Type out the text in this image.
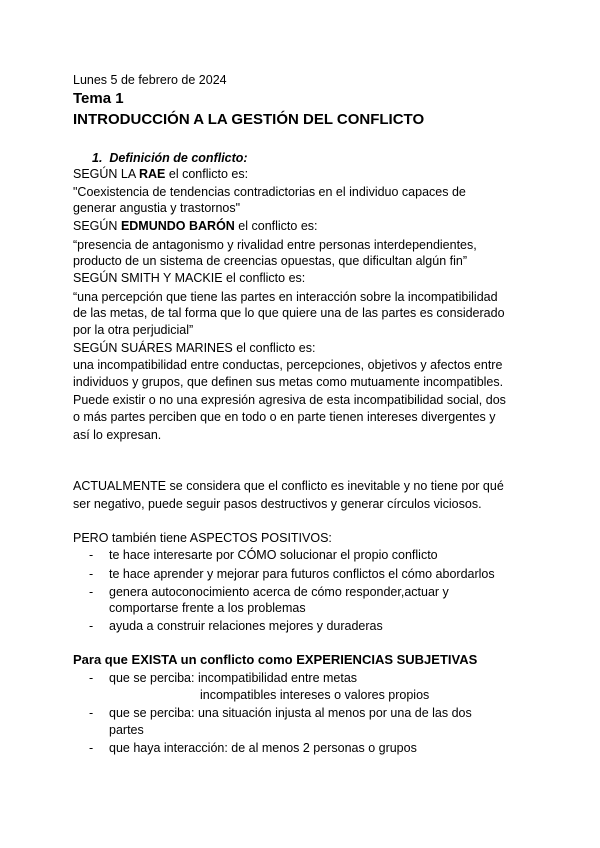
Lunes 5 de febrero de 2024
Tema 1
INTRODUCCIÓN A LA GESTIÓN DEL CONFLICTO
1. Definición de conflicto:
SEGÚN LA RAE el conflicto es:
"Coexistencia de tendencias contradictorias en el individuo capaces de
generar angustia y trastornos"
SEGÚN EDMUNDO BARÓN el conflicto es:
“presencia de antagonismo y rivalidad entre personas interdependientes,
producto de un sistema de creencias opuestas, que dificultan algún fin”
SEGÚN SMITH Y MACKIE el conflicto es:
“una percepción que tiene las partes en interacción sobre la incompatibilidad
de las metas, de tal forma que lo que quiere una de las partes es considerado
por la otra perjudicial”
SEGÚN SUÁRES MARINES el conflicto es:
una incompatibilidad entre conductas, percepciones, objetivos y afectos entre
individuos y grupos, que definen sus metas como mutuamente incompatibles.
Puede existir o no una expresión agresiva de esta incompatibilidad social, dos
o más partes perciben que en todo o en parte tienen intereses divergentes y
así lo expresan.
ACTUALMENTE se considera que el conflicto es inevitable y no tiene por qué
ser negativo, puede seguir pasos destructivos y generar círculos viciosos.
PERO también tiene ASPECTOS POSITIVOS:
- te hace interesarte por CÓMO solucionar el propio conflicto
- te hace aprender y mejorar para futuros conflictos el cómo abordarlos
- genera autoconocimiento acerca de cómo responder,actuar y
comportarse frente a los problemas
- ayuda a construir relaciones mejores y duraderas
Para que EXISTA un conflicto como EXPERIENCIAS SUBJETIVAS
- que se perciba: incompatibilidad entre metas
incompatibles intereses o valores propios
- que se perciba: una situación injusta al menos por una de las dos
partes
- que haya interacción: de al menos 2 personas o grupos
